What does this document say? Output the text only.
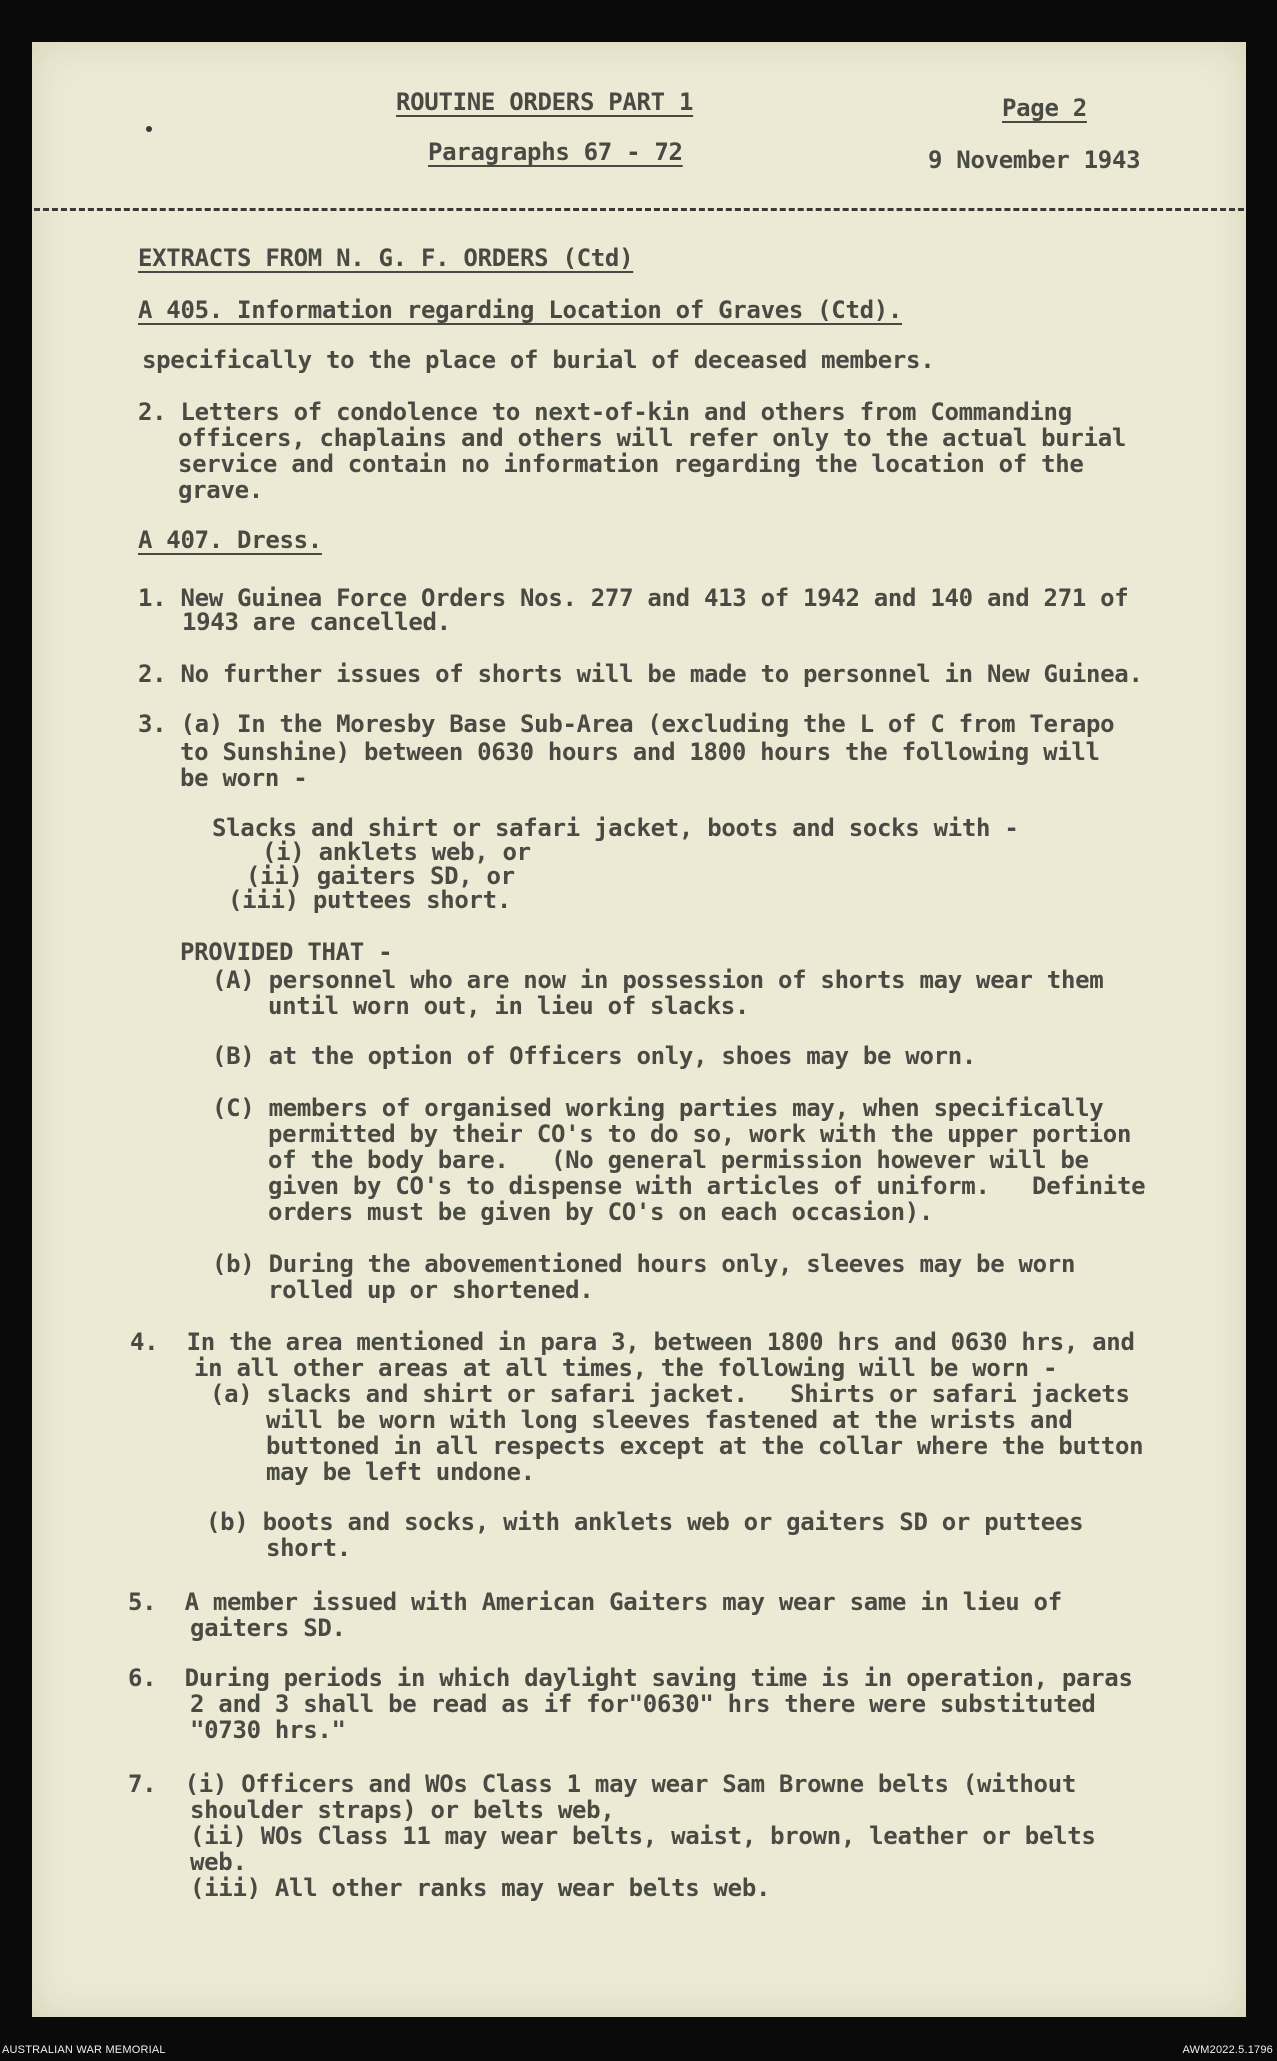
ROUTINE ORDERS PART 1
Paragraphs 67 - 72
Page 2
9 November 1943
EXTRACTS FROM N. G. F. ORDERS (Ctd)
A 405. Information regarding Location of Graves (Ctd).
specifically to the place of burial of deceased members.
2. Letters of condolence to next-of-kin and others from Commanding
officers, chaplains and others will refer only to the actual burial
service and contain no information regarding the location of the
grave.
A 407. Dress.
1. New Guinea Force Orders Nos. 277 and 413 of 1942 and 140 and 271 of
1943 are cancelled.
2. No further issues of shorts will be made to personnel in New Guinea.
3. (a) In the Moresby Base Sub-Area (excluding the L of C from Terapo
to Sunshine) between 0630 hours and 1800 hours the following will
be worn -
Slacks and shirt or safari jacket, boots and socks with -
(i) anklets web, or
(ii) gaiters SD, or
(iii) puttees short.
PROVIDED THAT -
(A) personnel who are now in possession of shorts may wear them
until worn out, in lieu of slacks.
(B) at the option of Officers only, shoes may be worn.
(C) members of organised working parties may, when specifically
permitted by their CO's to do so, work with the upper portion
of the body bare.   (No general permission however will be
given by CO's to dispense with articles of uniform.   Definite
orders must be given by CO's on each occasion).
(b) During the abovementioned hours only, sleeves may be worn
rolled up or shortened.
4.  In the area mentioned in para 3, between 1800 hrs and 0630 hrs, and
in all other areas at all times, the following will be worn -
(a) slacks and shirt or safari jacket.   Shirts or safari jackets
will be worn with long sleeves fastened at the wrists and
buttoned in all respects except at the collar where the button
may be left undone.
(b) boots and socks, with anklets web or gaiters SD or puttees
short.
5.  A member issued with American Gaiters may wear same in lieu of
gaiters SD.
6.  During periods in which daylight saving time is in operation, paras
2 and 3 shall be read as if for"0630" hrs there were substituted
"0730 hrs."
7.  (i) Officers and WOs Class 1 may wear Sam Browne belts (without
shoulder straps) or belts web,
(ii) WOs Class 11 may wear belts, waist, brown, leather or belts
web.
(iii) All other ranks may wear belts web.
AUSTRALIAN WAR MEMORIAL	AWM2022.5.1796
